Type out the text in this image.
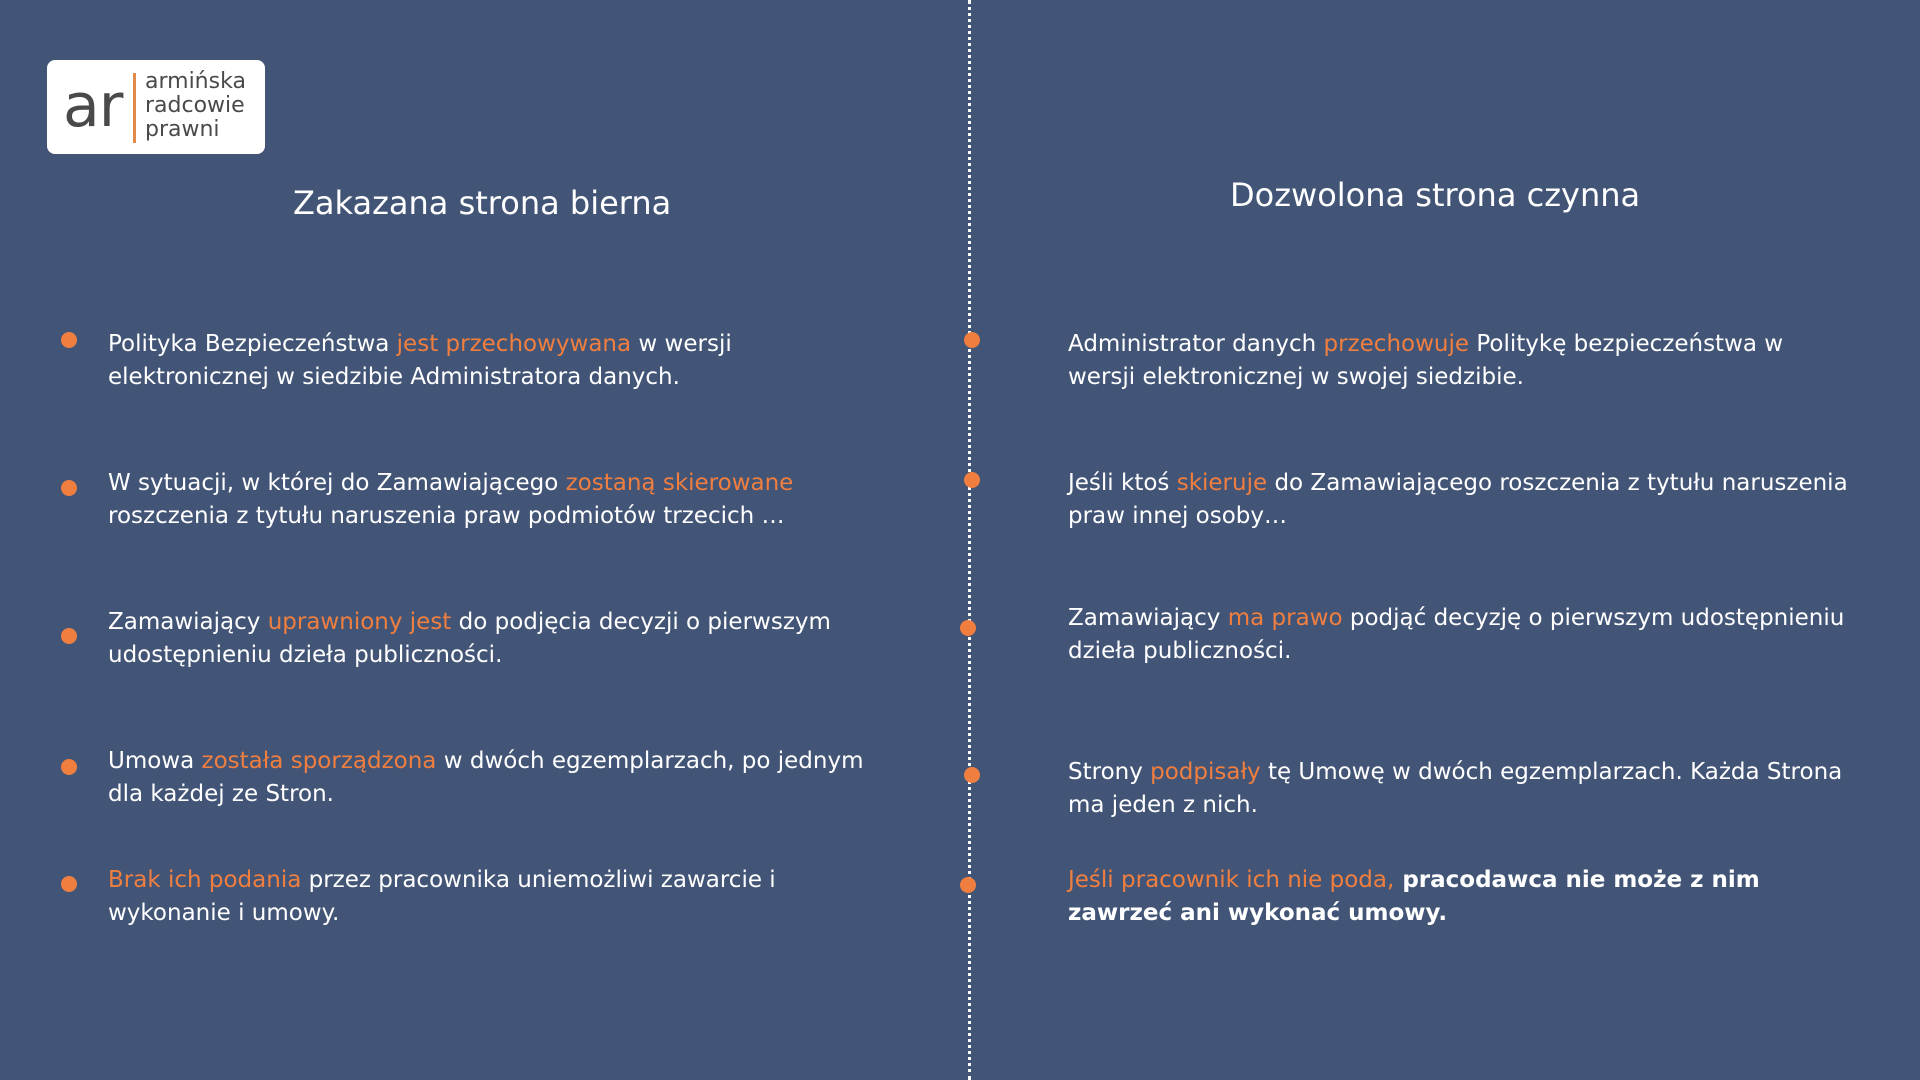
ar armińska
radcowie
prawni
Zakazana strona bierna	Dozwolona strona czynna

Polityka Bezpieczeństwa jest przechowywana w wersji elektronicznej w siedzibie Administratora danych.

W sytuacji, w której do Zamawiającego zostaną skierowane roszczenia z tytułu naruszenia praw podmiotów trzecich …

Zamawiający uprawniony jest do podjęcia decyzji o pierwszym udostępnieniu dzieła publiczności.

Umowa została sporządzona w dwóch egzemplarzach, po jednym dla każdej ze Stron.

Brak ich podania przez pracownika uniemożliwi zawarcie i wykonanie i umowy.

Administrator danych przechowuje Politykę bezpieczeństwa w wersji elektronicznej w swojej siedzibie.

Jeśli ktoś skieruje do Zamawiającego roszczenia z tytułu naruszenia praw innej osoby…

Zamawiający ma prawo podjąć decyzję o pierwszym udostępnieniu dzieła publiczności.

Strony podpisały tę Umowę w dwóch egzemplarzach. Każda Strona ma jeden z nich.

Jeśli pracownik ich nie poda, pracodawca nie może z nim zawrzeć ani wykonać umowy.
